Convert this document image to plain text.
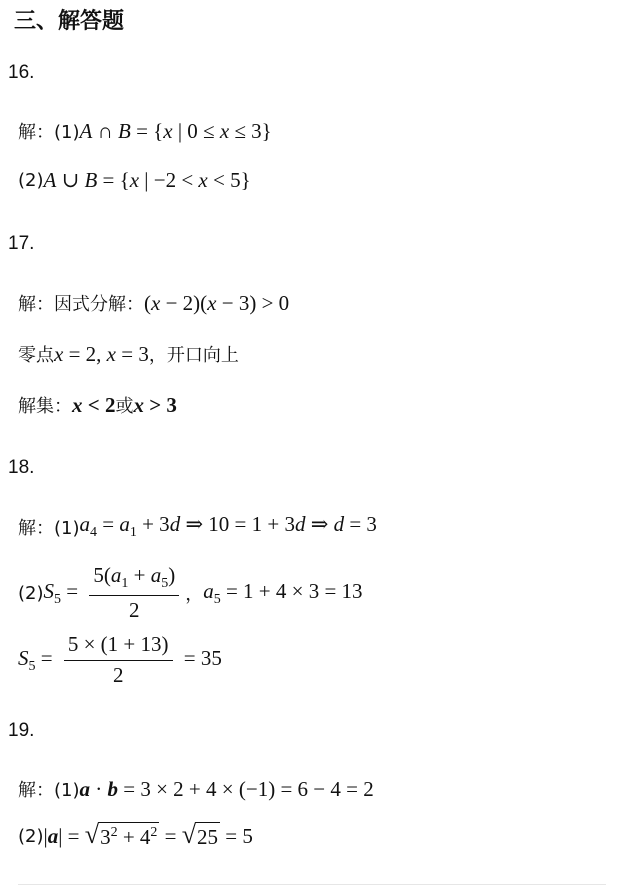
三、解答题
16.
解：(1) A ∩ B = {x | 0 ≤ x ≤ 3}
(2) A ∪ B = {x | −2 < x < 5}
17.
解：因式分解： (x − 2)(x − 3) > 0
零点 x = 2, x = 3 ，开口向上
解集： x < 2 或 x > 3
18.
解：(1) $a_4 = a_1 + 3d$ ⇒ 10 = 1 + 3d ⇒ d = 3
(2) $S_5 = \frac{5(a_1 + a_5)}{2}$ ， $a_5 = 1 + 4 \times 3 = 13$
$S_5 = \frac{5 \times (1 + 13)}{2} = 35$
19.
解：(1) a · b = 3 × 2 + 4 × (−1) = 6 − 4 = 2
(2) |a| = √ $3^2 + 4^2$ = √ 25 = 5
